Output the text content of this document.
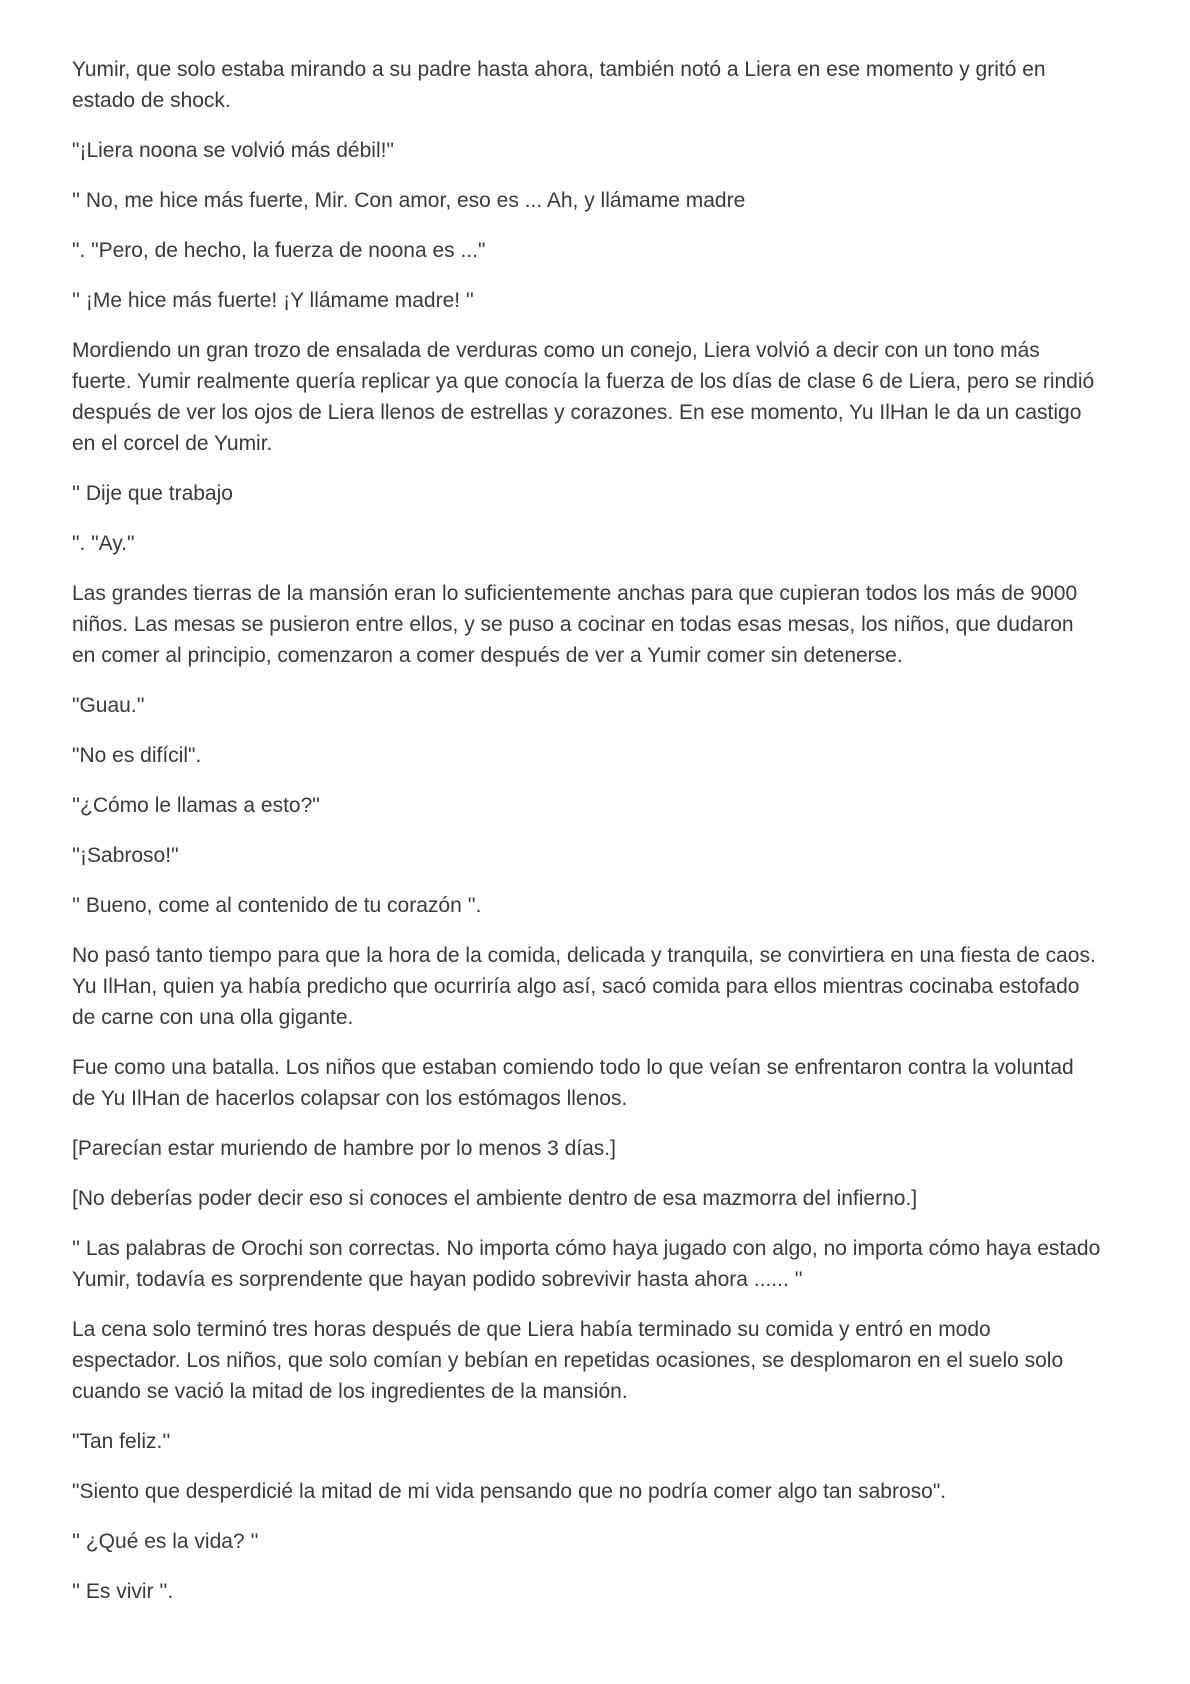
Yumir, que solo estaba mirando a su padre hasta ahora, también notó a Liera en ese momento y gritó en estado de shock.

"¡Liera noona se volvió más débil!"

'' No, me hice más fuerte, Mir. Con amor, eso es ... Ah, y llámame madre

". "Pero, de hecho, la fuerza de noona es ..."

'' ¡Me hice más fuerte! ¡Y llámame madre! ''

Mordiendo un gran trozo de ensalada de verduras como un conejo, Liera volvió a decir con un tono más fuerte. Yumir realmente quería replicar ya que conocía la fuerza de los días de clase 6 de Liera, pero se rindió después de ver los ojos de Liera llenos de estrellas y corazones. En ese momento, Yu IlHan le da un castigo en el corcel de Yumir.

'' Dije que trabajo

". "Ay."

Las grandes tierras de la mansión eran lo suficientemente anchas para que cupieran todos los más de 9000 niños. Las mesas se pusieron entre ellos, y se puso a cocinar en todas esas mesas, los niños, que dudaron en comer al principio, comenzaron a comer después de ver a Yumir comer sin detenerse.

"Guau.''

"No es difícil".

''¿Cómo le llamas a esto?"

''¡Sabroso!"

'' Bueno, come al contenido de tu corazón ''.

No pasó tanto tiempo para que la hora de la comida, delicada y tranquila, se convirtiera en una fiesta de caos. Yu IlHan, quien ya había predicho que ocurriría algo así, sacó comida para ellos mientras cocinaba estofado de carne con una olla gigante.

Fue como una batalla. Los niños que estaban comiendo todo lo que veían se enfrentaron contra la voluntad de Yu IlHan de hacerlos colapsar con los estómagos llenos.

[Parecían estar muriendo de hambre por lo menos 3 días.]

[No deberías poder decir eso si conoces el ambiente dentro de esa mazmorra del infierno.]

'' Las palabras de Orochi son correctas. No importa cómo haya jugado con algo, no importa cómo haya estado Yumir, todavía es sorprendente que hayan podido sobrevivir hasta ahora ...... ''

La cena solo terminó tres horas después de que Liera había terminado su comida y entró en modo espectador. Los niños, que solo comían y bebían en repetidas ocasiones, se desplomaron en el suelo solo cuando se vació la mitad de los ingredientes de la mansión.

"Tan feliz.''

"Siento que desperdicié la mitad de mi vida pensando que no podría comer algo tan sabroso".

'' ¿Qué es la vida? ''

'' Es vivir ''.
